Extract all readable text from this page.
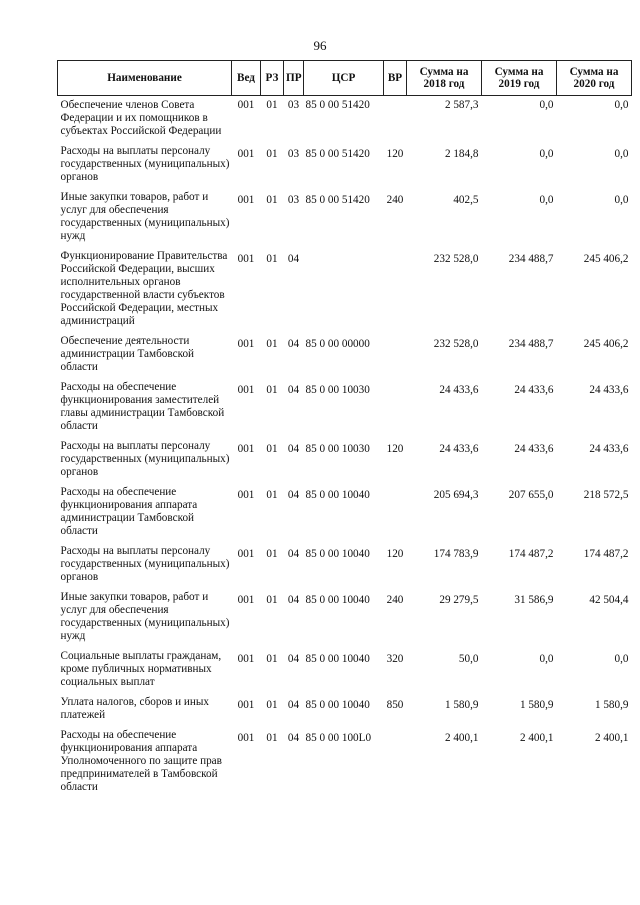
96
Наименование	Вед	РЗ	ПР	ЦСР	ВР	Сумма на 2018 год	Сумма на 2019 год	Сумма на 2020 год
Обеспечение членов Совета Федерации и их помощников в субъектах Российской Федерации	001	01	03	85 0 00 51420		2 587,3	0,0	0,0
Расходы на выплаты персоналу государственных (муниципальных) органов	001	01	03	85 0 00 51420	120	2 184,8	0,0	0,0
Иные закупки товаров, работ и услуг для обеспечения государственных (муниципальных) нужд	001	01	03	85 0 00 51420	240	402,5	0,0	0,0
Функционирование Правительства Российской Федерации, высших исполнительных органов государственной власти субъектов Российской Федерации, местных администраций	001	01	04			232 528,0	234 488,7	245 406,2
Обеспечение деятельности администрации Тамбовской области	001	01	04	85 0 00 00000		232 528,0	234 488,7	245 406,2
Расходы на обеспечение функционирования заместителей главы администрации Тамбовской области	001	01	04	85 0 00 10030		24 433,6	24 433,6	24 433,6
Расходы на выплаты персоналу государственных (муниципальных) органов	001	01	04	85 0 00 10030	120	24 433,6	24 433,6	24 433,6
Расходы на обеспечение функционирования аппарата администрации Тамбовской области	001	01	04	85 0 00 10040		205 694,3	207 655,0	218 572,5
Расходы на выплаты персоналу государственных (муниципальных) органов	001	01	04	85 0 00 10040	120	174 783,9	174 487,2	174 487,2
Иные закупки товаров, работ и услуг для обеспечения государственных (муниципальных) нужд	001	01	04	85 0 00 10040	240	29 279,5	31 586,9	42 504,4
Социальные выплаты гражданам, кроме публичных нормативных социальных выплат	001	01	04	85 0 00 10040	320	50,0	0,0	0,0
Уплата налогов, сборов и иных платежей	001	01	04	85 0 00 10040	850	1 580,9	1 580,9	1 580,9
Расходы на обеспечение функционирования аппарата Уполномоченного по защите прав предпринимателей в Тамбовской области	001	01	04	85 0 00 100L0		2 400,1	2 400,1	2 400,1
